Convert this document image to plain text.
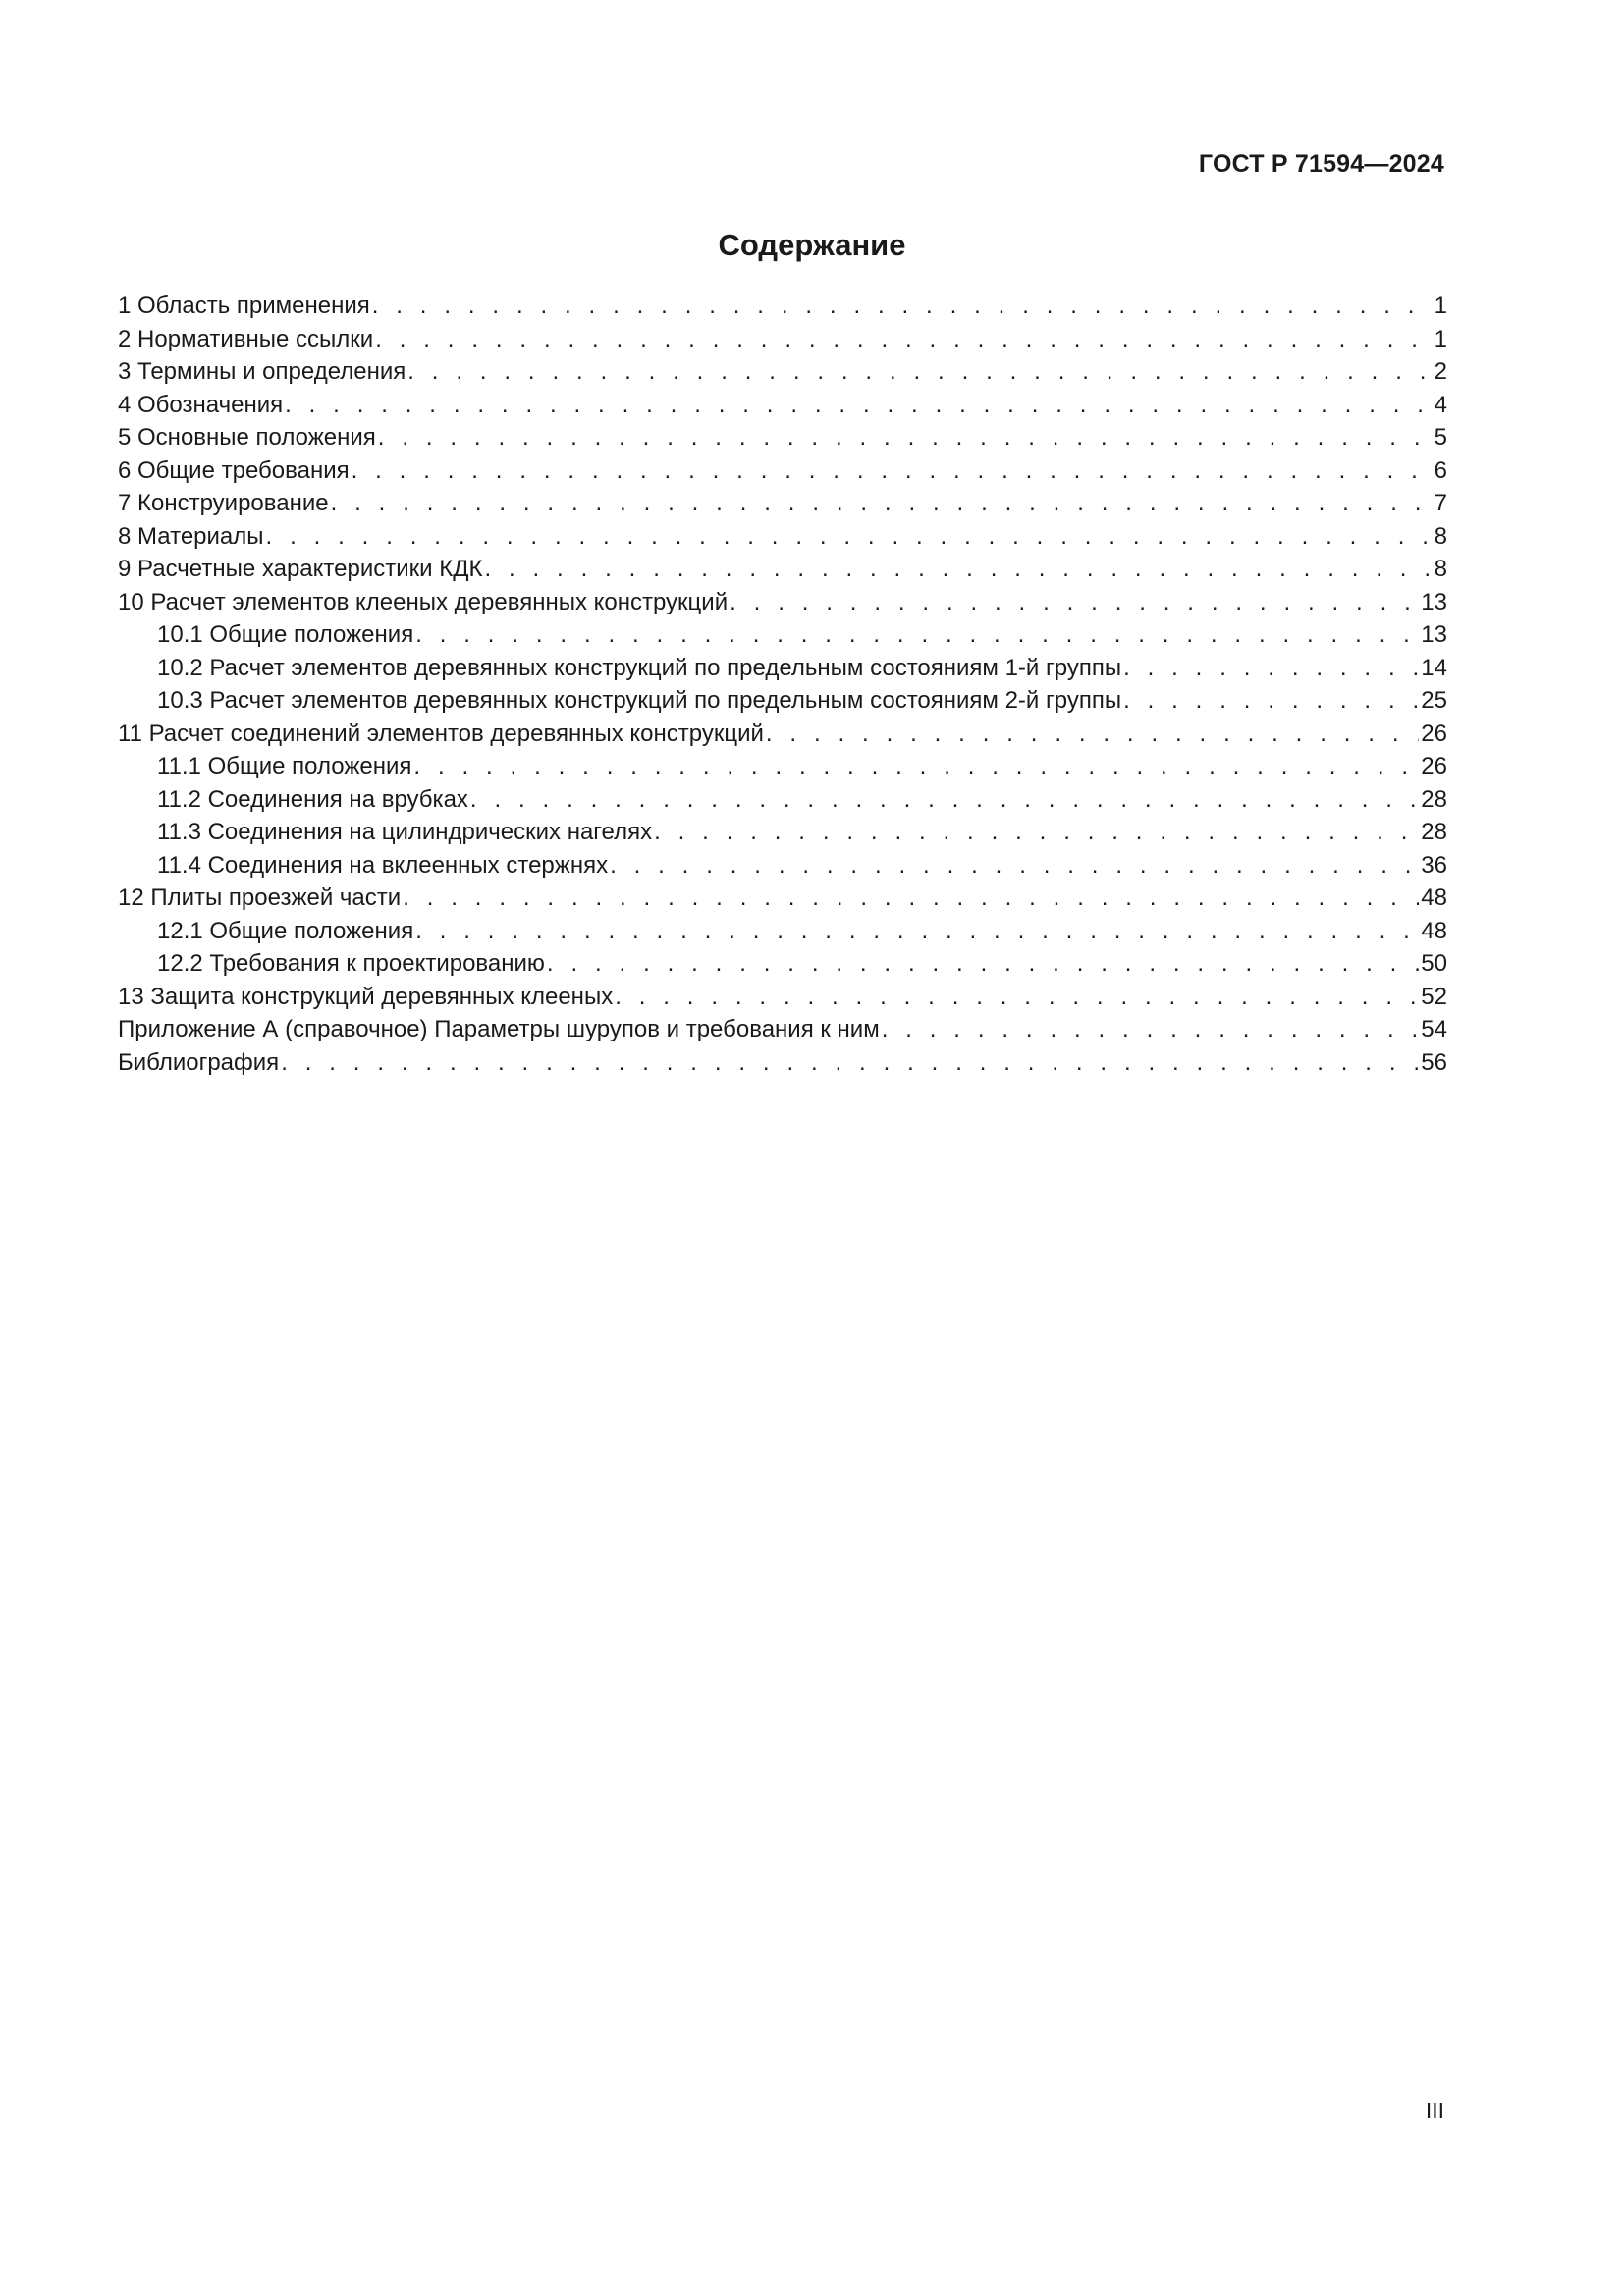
ГОСТ Р 71594—2024
Содержание
1 Область применения . . .	1
2 Нормативные ссылки . . .	1
3 Термины и определения . . .	2
4 Обозначения . . .	4
5 Основные положения . . .	5
6 Общие требования . . .	6
7 Конструирование . . .	7
8 Материалы . . .	8
9 Расчетные характеристики КДК . . .	8
10 Расчет элементов клееных деревянных конструкций . . .	13
10.1 Общие положения . . .	13
10.2 Расчет элементов деревянных конструкций по предельным состояниям 1-й группы . . .	14
10.3 Расчет элементов деревянных конструкций по предельным состояниям 2-й группы . . .	25
11 Расчет соединений элементов деревянных конструкций . . .	26
11.1 Общие положения . . .	26
11.2 Соединения на врубках . . .	28
11.3 Соединения на цилиндрических нагелях . . .	28
11.4 Соединения на вклеенных стержнях . . .	36
12 Плиты проезжей части . . .	48
12.1 Общие положения . . .	48
12.2 Требования к проектированию . . .	50
13 Защита конструкций деревянных клееных . . .	52
Приложение А (справочное) Параметры шурупов и требования к ним . . .	54
Библиография . . .	56
III
